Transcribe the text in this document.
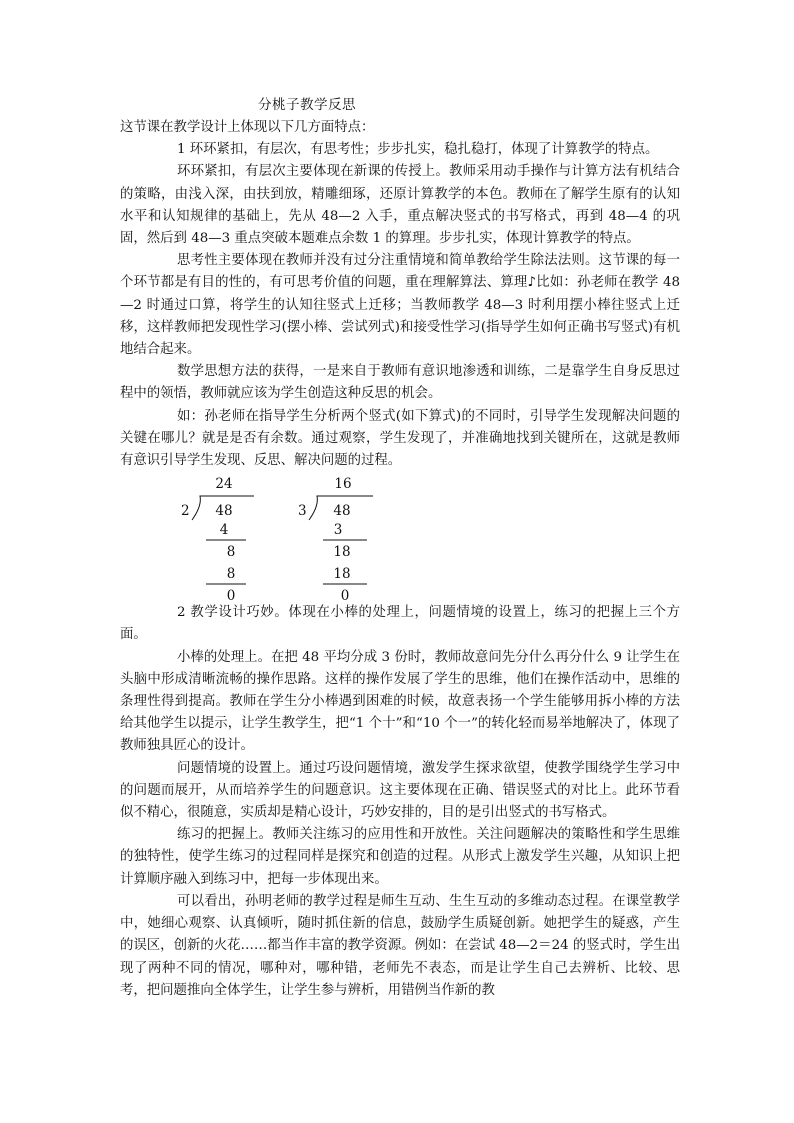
分桃子教学反思

这节课在教学设计上体现以下几方面特点：

1 环环紧扣，有层次，有思考性；步步扎实，稳扎稳打，体现了计算教学的特点。

环环紧扣，有层次主要体现在新课的传授上。教师采用动手操作与计算方法有机结合的策略，由浅入深，由扶到放，精雕细琢，还原计算教学的本色。教师在了解学生原有的认知水平和认知规律的基础上，先从 48—2 入手，重点解决竖式的书写格式，再到 48—4 的巩固，然后到 48—3 重点突破本题难点余数 1 的算理。步步扎实，体现计算教学的特点。

思考性主要体现在教师并没有过分注重情境和简单教给学生除法法则。这节课的每一个环节都是有目的性的，有可思考价值的问题，重在理解算法、算理♪比如：孙老师在教学 48—2 时通过口算，将学生的认知往竖式上迁移；当教师教学 48—3 时利用摆小棒往竖式上迁移，这样教师把发现性学习(摆小棒、尝试列式)和接受性学习(指导学生如何正确书写竖式)有机地结合起来。

数学思想方法的获得，一是来自于教师有意识地渗透和训练，二是靠学生自身反思过程中的领悟，教师就应该为学生创造这种反思的机会。

如：孙老师在指导学生分析两个竖式(如下算式)的不同时，引导学生发现解决问题的关键在哪儿？就是是否有余数。通过观察，学生发现了，并准确地找到关键所在，这就是教师有意识引导学生发现、反思、解决问题的过程。

24
2 48
4
8
8
0
16
3 48
3
18
18
0

2 教学设计巧妙。体现在小棒的处理上，问题情境的设置上，练习的把握上三个方面。

小棒的处理上。在把 48 平均分成 3 份时，教师故意问先分什么再分什么 9 让学生在头脑中形成清晰流畅的操作思路。这样的操作发展了学生的思维，他们在操作活动中，思维的条理性得到提高。教师在学生分小棒遇到困难的时候，故意表扬一个学生能够用拆小棒的方法给其他学生以提示，让学生教学生，把“1 个十”和“10 个一”的转化轻而易举地解决了，体现了教师独具匠心的设计。

问题情境的设置上。通过巧设问题情境，激发学生探求欲望，使教学围绕学生学习中的问题而展开，从而培养学生的问题意识。这主要体现在正确、错误竖式的对比上。此环节看似不精心，很随意，实质却是精心设计，巧妙安排的，目的是引出竖式的书写格式。

练习的把握上。教师关注练习的应用性和开放性。关注问题解决的策略性和学生思维的独特性，使学生练习的过程同样是探究和创造的过程。从形式上激发学生兴趣，从知识上把计算顺序融入到练习中，把每一步体现出来。

可以看出，孙明老师的教学过程是师生互动、生生互动的多维动态过程。在课堂教学中，她细心观察、认真倾听，随时抓住新的信息，鼓励学生质疑创新。她把学生的疑惑，产生的误区，创新的火花……都当作丰富的教学资源。例如：在尝试 48—2＝24 的竖式时，学生出现了两种不同的情况，哪种对，哪种错，老师先不表态，而是让学生自己去辨析、比较、思考，把问题推向全体学生，让学生参与辨析，用错例当作新的教
